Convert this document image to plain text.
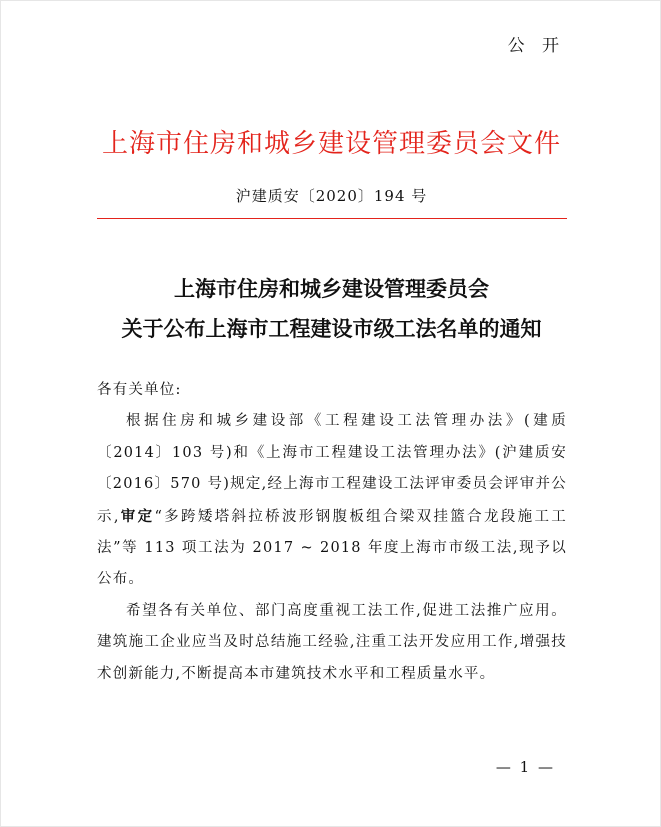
公 开
上海市住房和城乡建设管理委员会文件
沪建质安〔2020〕194 号
上海市住房和城乡建设管理委员会
关于公布上海市工程建设市级工法名单的通知

各有关单位:

根据住房和城乡建设部《工程建设工法管理办法》(建质〔2014〕103 号)和《上海市工程建设工法管理办法》(沪建质安〔2016〕570 号)规定,经上海市工程建设工法评审委员会评审并公示,审定“多跨矮塔斜拉桥波形钢腹板组合梁双挂篮合龙段施工工法”等 113 项工法为 2017 ~ 2018 年度上海市市级工法,现予以公布。

希望各有关单位、部门高度重视工法工作,促进工法推广应用。建筑施工企业应当及时总结施工经验,注重工法开发应用工作,增强技术创新能力,不断提高本市建筑技术水平和工程质量水平。

— 1 —
